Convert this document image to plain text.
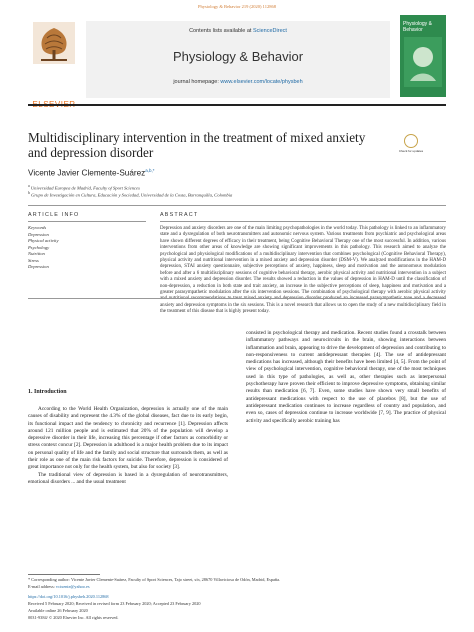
Physiology & Behavior 219 (2020) 112868
Contents lists available at ScienceDirect
Physiology & Behavior
journal homepage: www.elsevier.com/locate/physbeh
Physiology & Behavior
Multidisciplinary intervention in the treatment of mixed anxiety and depression disorder	Check for updates
Vicente Javier Clemente-Suárez$^{a,b,*}$
$^a$ Universidad Europea de Madrid, Faculty of Sport Sciences
$^b$ Grupo de Investigación en Cultura, Educación y Sociedad, Universidad de la Costa, Barranquilla, Colombia
ARTICLE INFO	ABSTRACT
Keywords
Depression
Physical activity
Psychology
Nutrition
Stress
Depression

Depression and anxiety disorders are one of the main limiting psychopathologies in the world today. This pathology is linked to an inflammatory state and a dysregulation of both neurotransmitters and autonomic nervous system. Various treatments from psychiatric and psychological areas have shown different degrees of efficacy in their treatment, being Cognitive Behavioral Therapy one of the most successful. In addition, various interventions from other areas of knowledge are showing significant improvements in this pathology. This research aimed to analyze the psychological and physiological modifications of a multidisciplinary intervention that combines psychological (Cognitive Behavioral Therapy), physical activity and nutritional intervention in a mixed anxiety and depression disorder (DSM-V). We analyzed modifications in the HAM-D depression, STAI anxiety questionnaire, subjective perceptions of anxiety, happiness, sleep and motivation and the autonomous modulation before and after a 6 multidisciplinary sessions of cognitive behavioral therapy, aerobic physical activity and nutritional intervention in a subject with a mixed anxiety and depression disorder. The results showed a reduction in the values of depression in HAM-D until the classification of non-depression, a reduction in both state and trait anxiety, an increase in the subjective perceptions of sleep, happiness and motivation and a greater parasympathetic modulation after the six intervention sessions. The combination of psychological therapy with aerobic physical activity and nutritional recommendations to treat mixed anxiety and depression disorder produced an increased parasympathetic tone and a decreased anxiety and depression symptoms in the six sessions. This is a novel research that allows us to open the study of a new multidisciplinary field in the treatment of this disease that is highly present today.

1. Introduction

According to the World Health Organization, depression is actually one of the main causes of disability and represent the 4.3% of the global diseases, fact due to its early begin, its functional impact and the tendency to chronicity and recurrence [1]. Depression affects around 121 million people and is estimated that 20% of the population will develop a depressive disorder in their life, increasing this percentage if other factors as comorbidity or stress context concur [2]. Depression in adulthood is a major health problem due to its impact on personal quality of life and the family and social structure that surrounds them, as well as their role as one of the main risk factors for suicide. Therefore, depression is considered of great importance not only for the health system, but also for society [3].

The traditional view of depression is based in a dysregulation of neurotransmitters, emotional disorders ... and the usual treatment

consisted in psychological therapy and medication. Recent studies found a crosstalk between inflammatory pathways and neurocircuits in the brain, showing interactions between inflammation and brain, appearing to drive the development of depression and contributing to non-responsiveness to current antidepressant therapies [4]. The use of antidepressant medications has increased, although their benefits have been limited [4, 5]. From the point of view of psychological intervention, cognitive behavioral therapy, one of the most techniques used in this type of pathologies, as well as, other therapies such as interpersonal psychotherapy have proven their efficient to improve depressive symptoms, obtaining similar results than medication [6, 7]. Even, some studies have shown very small benefits of antidepressant medications with respect to the use of placebos [8], but the use of antidepressant medication continues to increase regardless of country and population, and even so, cases of depression continue to increase worldwide [7, 9]. The practice of physical activity and specifically aerobic training has

* Corresponding author: Vicente Javier Clemente-Suárez, Faculty of Sport Sciences, Tajo street, s/n, 28670 Villaviciosa de Odón, Madrid, España.
E-mail address: vctxente@yahoo.es
https://doi.org/10.1016/j.physbeh.2020.112868
Received 5 February 2020; Received in revised form 23 February 2020; Accepted 23 February 2020
Available online 26 February 2020
0031-9384/ © 2020 Elsevier Inc. All rights reserved.
